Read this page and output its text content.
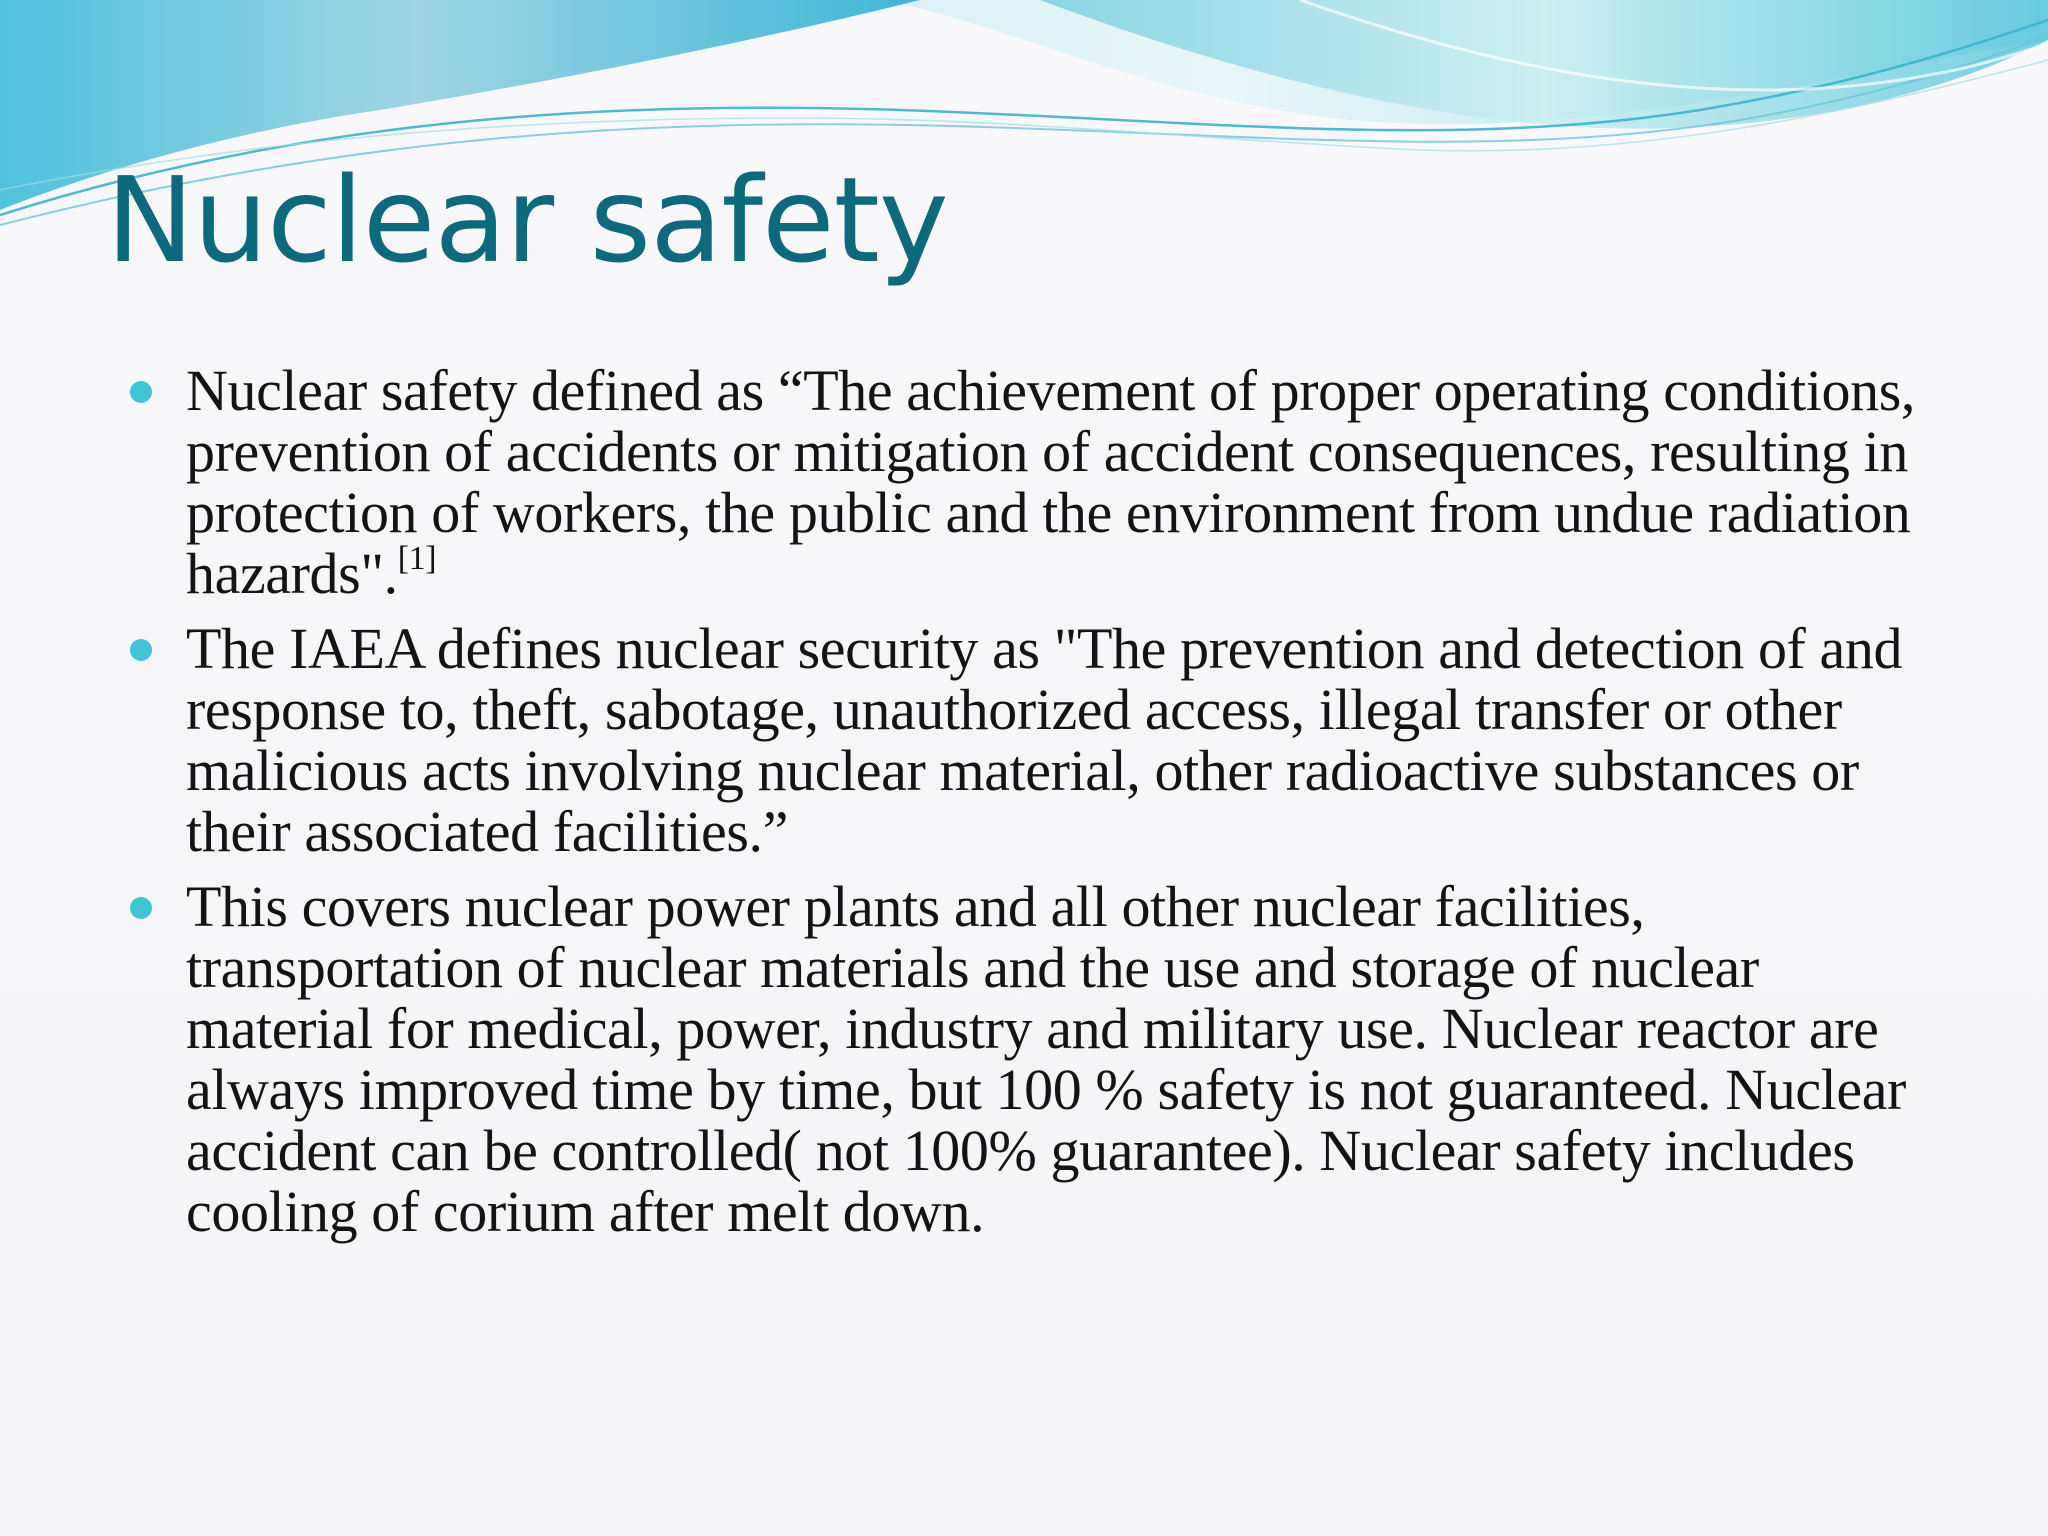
Nuclear safety
Nuclear safety defined as “The achievement of proper operating conditions, prevention of accidents or mitigation of accident consequences, resulting in protection of workers, the public and the environment from undue radiation hazards".[1]
The IAEA defines nuclear security as "The prevention and detection of and response to, theft, sabotage, unauthorized access, illegal transfer or other malicious acts involving nuclear material, other radioactive substances or their associated facilities.”
This covers nuclear power plants and all other nuclear facilities, transportation of nuclear materials and the use and storage of nuclear material for medical, power, industry and military use. Nuclear reactor are always improved time by time, but 100 % safety is not guaranteed. Nuclear accident can be controlled( not 100% guarantee). Nuclear safety includes cooling of corium after melt down.
